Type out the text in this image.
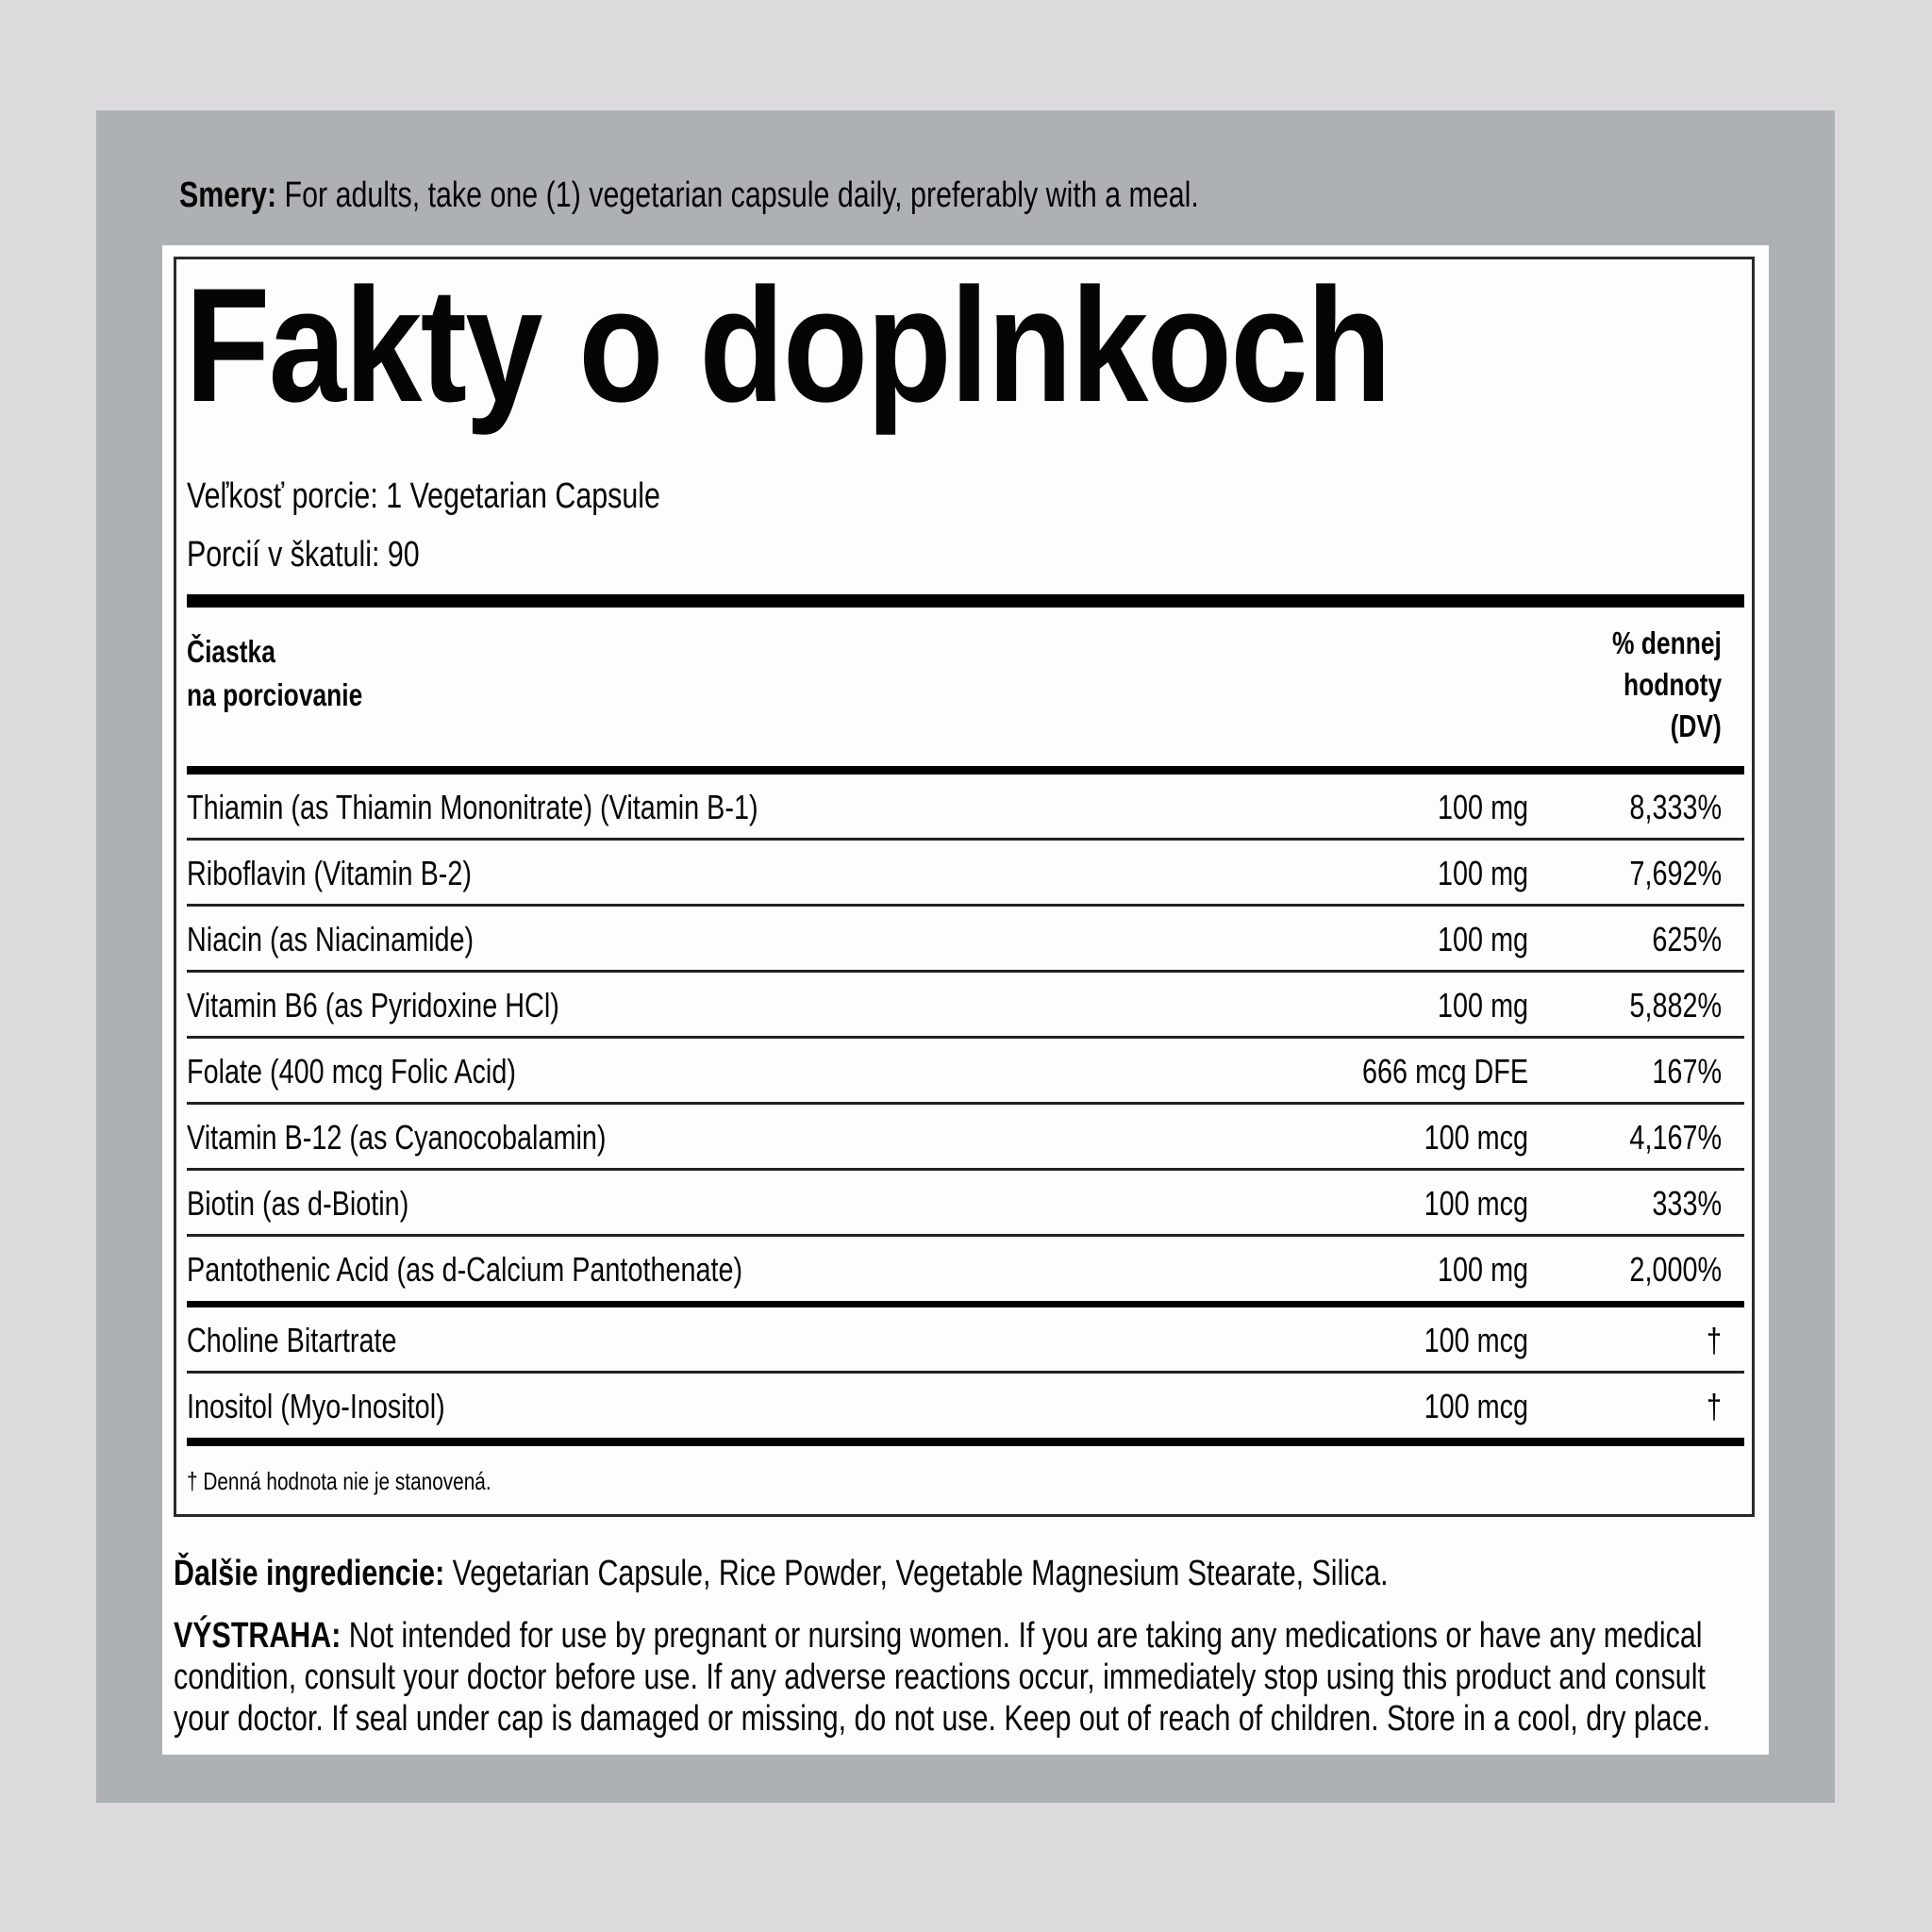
Smery: For adults, take one (1) vegetarian capsule daily, preferably with a meal.
Fakty o doplnkoch
Veľkosť porcie: 1 Vegetarian Capsule
Porcií v škatuli: 90
Čiastka
na porciovanie
% dennej
hodnoty
(DV)
Thiamin (as Thiamin Mononitrate) (Vitamin B-1)	100 mg	8,333%
Riboflavin (Vitamin B-2)	100 mg	7,692%
Niacin (as Niacinamide)	100 mg	625%
Vitamin B6 (as Pyridoxine HCl)	100 mg	5,882%
Folate (400 mcg Folic Acid)	666 mcg DFE	167%
Vitamin B-12 (as Cyanocobalamin)	100 mcg	4,167%
Biotin (as d-Biotin)	100 mcg	333%
Pantothenic Acid (as d-Calcium Pantothenate)	100 mg	2,000%
Choline Bitartrate	100 mcg	†
Inositol (Myo-Inositol)	100 mcg	†
† Denná hodnota nie je stanovená.
Ďalšie ingrediencie: Vegetarian Capsule, Rice Powder, Vegetable Magnesium Stearate, Silica.
VÝSTRAHA: Not intended for use by pregnant or nursing women. If you are taking any medications or have any medical
condition, consult your doctor before use. If any adverse reactions occur, immediately stop using this product and consult
your doctor. If seal under cap is damaged or missing, do not use. Keep out of reach of children. Store in a cool, dry place.
